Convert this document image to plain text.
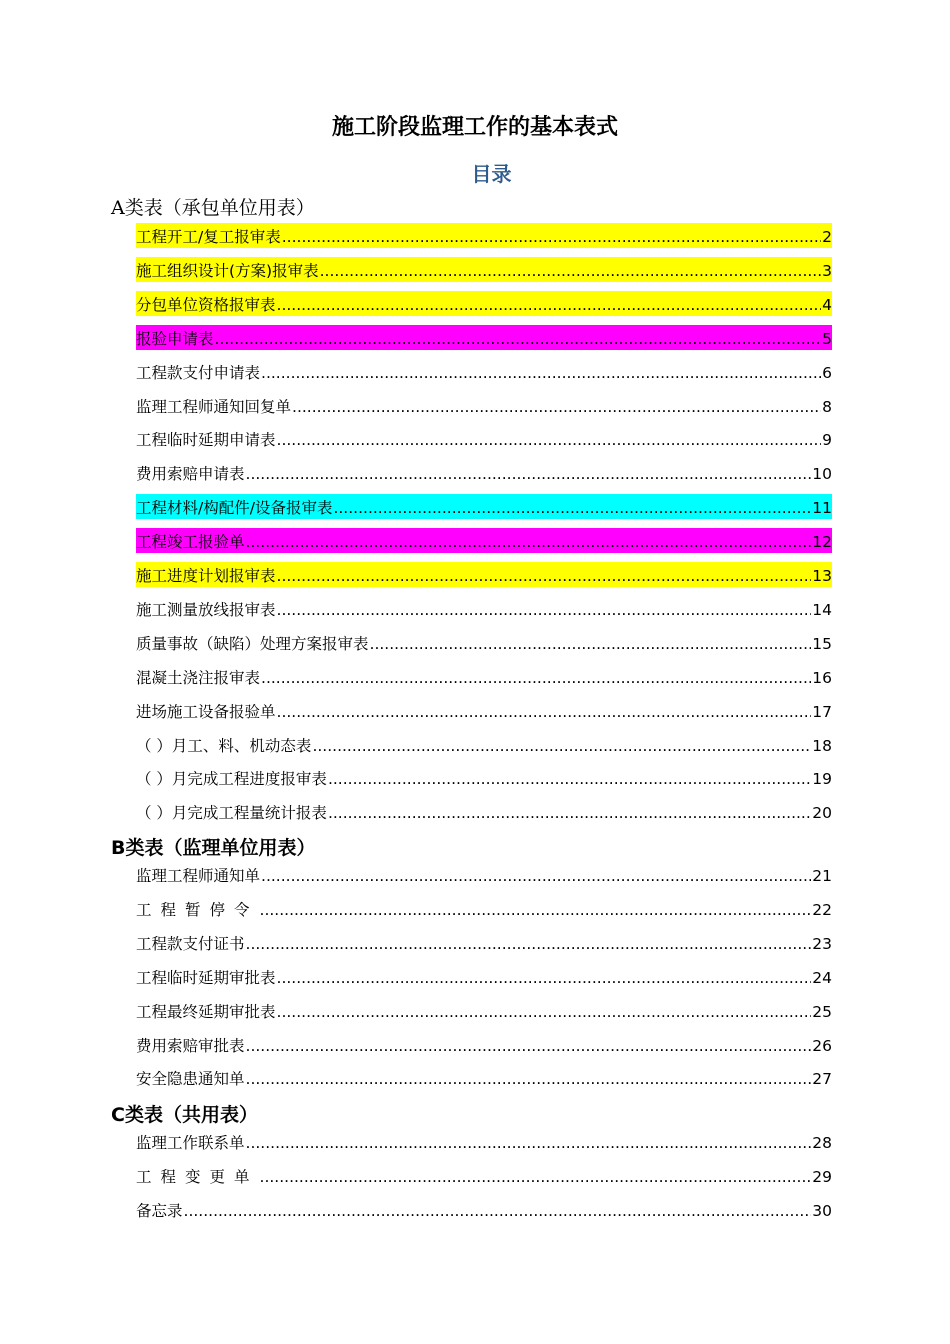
施工阶段监理工作的基本表式
目录
A类表（承包单位用表）
B类表（监理单位用表）
C类表（共用表）
工程开工/复工报审表 .....	2
施工组织设计(方案)报审表 .....	3
分包单位资格报审表 .....	4
报验申请表 .....	5
工程款支付申请表 .....	6
监理工程师通知回复单 .....	8
工程临时延期申请表 .....	9
费用索赔申请表 .....	10
工程材料/构配件/设备报审表 .....	11
工程竣工报验单 .....	12
施工进度计划报审表 .....	13
施工测量放线报审表 .....	14
质量事故（缺陷）处理方案报审表 .....	15
混凝土浇注报审表 .....	16
进场施工设备报验单 .....	17
（ ）月工、料、机动态表 .....	18
（ ）月完成工程进度报审表 .....	19
（ ）月完成工程量统计报表 .....	20
监理工程师通知单 .....	21
工程暂停令 .....	22
工程款支付证书 .....	23
工程临时延期审批表 .....	24
工程最终延期审批表 .....	25
费用索赔审批表 .....	26
安全隐患通知单 .....	27
监理工作联系单 .....	28
工程变更单 .....	29
备忘录 .....	30
